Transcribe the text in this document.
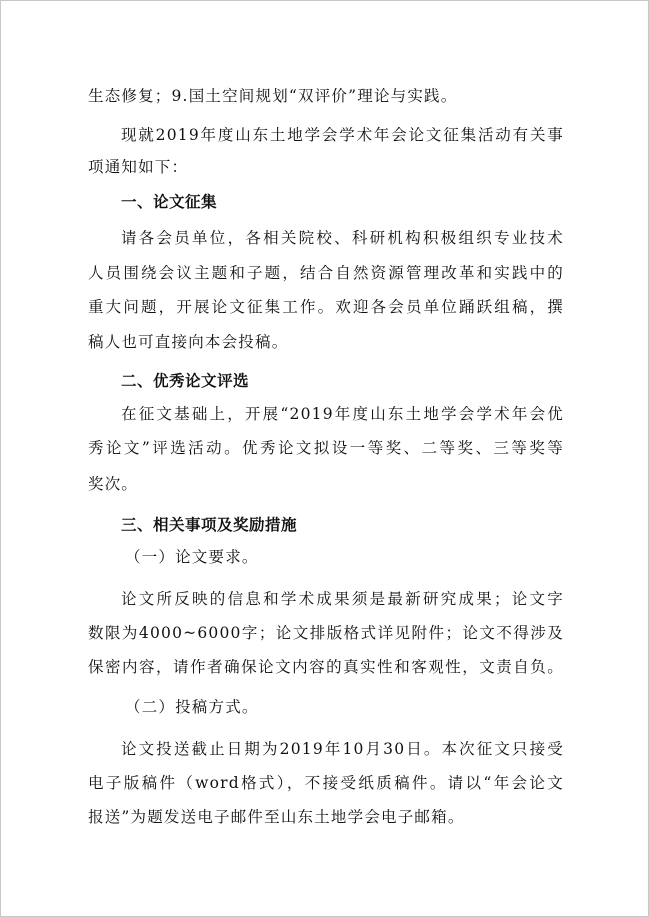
生态修复；9.国土空间规划“双评价”理论与实践。
现就2019年度山东土地学会学术年会论文征集活动有关事
项通知如下：
一、论文征集
请各会员单位，各相关院校、科研机构积极组织专业技术
人员围绕会议主题和子题，结合自然资源管理改革和实践中的
重大问题，开展论文征集工作。欢迎各会员单位踊跃组稿，撰
稿人也可直接向本会投稿。
二、优秀论文评选
在征文基础上，开展“2019年度山东土地学会学术年会优
秀论文”评选活动。优秀论文拟设一等奖、二等奖、三等奖等
奖次。
三、相关事项及奖励措施
（一）论文要求。
论文所反映的信息和学术成果须是最新研究成果；论文字
数限为4000~6000字；论文排版格式详见附件；论文不得涉及
保密内容，请作者确保论文内容的真实性和客观性，文责自负。
（二）投稿方式。
论文投送截止日期为2019年10月30日。本次征文只接受
电子版稿件（word格式），不接受纸质稿件。请以“年会论文
报送”为题发送电子邮件至山东土地学会电子邮箱。
